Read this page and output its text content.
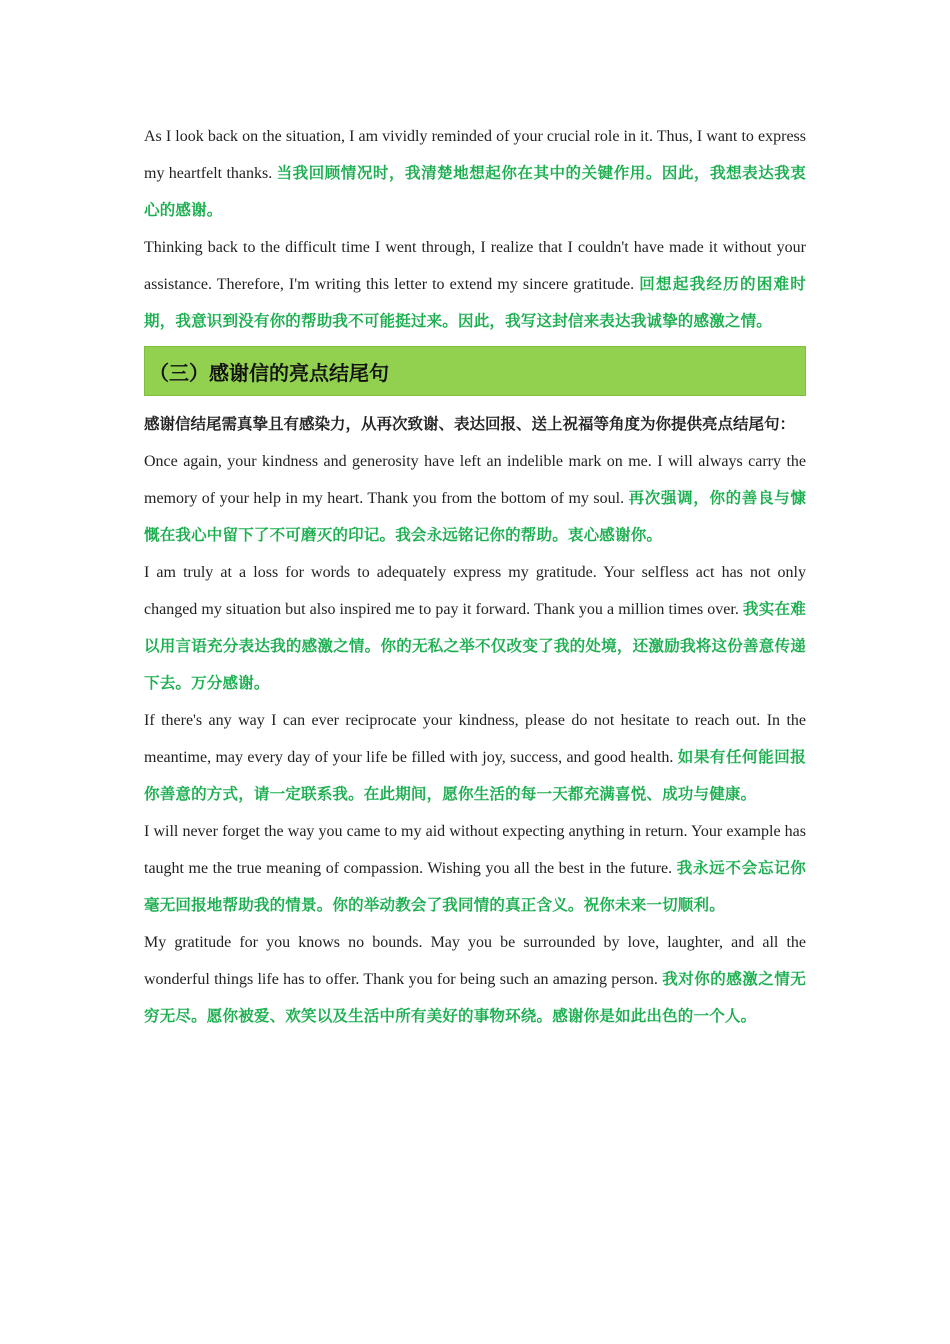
As I look back on the situation, I am vividly reminded of your crucial role in it. Thus, I want to express my heartfelt thanks. 当我回顾情况时，我清楚地想起你在其中的关键作用。因此，我想表达我衷心的感谢。

Thinking back to the difficult time I went through, I realize that I couldn't have made it without your assistance. Therefore, I'm writing this letter to extend my sincere gratitude. 回想起我经历的困难时期，我意识到没有你的帮助我不可能挺过来。因此，我写这封信来表达我诚挚的感激之情。

（三）感谢信的亮点结尾句

感谢信结尾需真挚且有感染力，从再次致谢、表达回报、送上祝福等角度为你提供亮点结尾句：

Once again, your kindness and generosity have left an indelible mark on me. I will always carry the memory of your help in my heart. Thank you from the bottom of my soul. 再次强调，你的善良与慷慨在我心中留下了不可磨灭的印记。我会永远铭记你的帮助。衷心感谢你。

I am truly at a loss for words to adequately express my gratitude. Your selfless act has not only changed my situation but also inspired me to pay it forward. Thank you a million times over. 我实在难以用言语充分表达我的感激之情。你的无私之举不仅改变了我的处境，还激励我将这份善意传递下去。万分感谢。

If there's any way I can ever reciprocate your kindness, please do not hesitate to reach out. In the meantime, may every day of your life be filled with joy, success, and good health. 如果有任何能回报你善意的方式，请一定联系我。在此期间，愿你生活的每一天都充满喜悦、成功与健康。

I will never forget the way you came to my aid without expecting anything in return. Your example has taught me the true meaning of compassion. Wishing you all the best in the future. 我永远不会忘记你毫无回报地帮助我的情景。你的举动教会了我同情的真正含义。祝你未来一切顺利。

My gratitude for you knows no bounds. May you be surrounded by love, laughter, and all the wonderful things life has to offer. Thank you for being such an amazing person. 我对你的感激之情无穷无尽。愿你被爱、欢笑以及生活中所有美好的事物环绕。感谢你是如此出色的一个人。
